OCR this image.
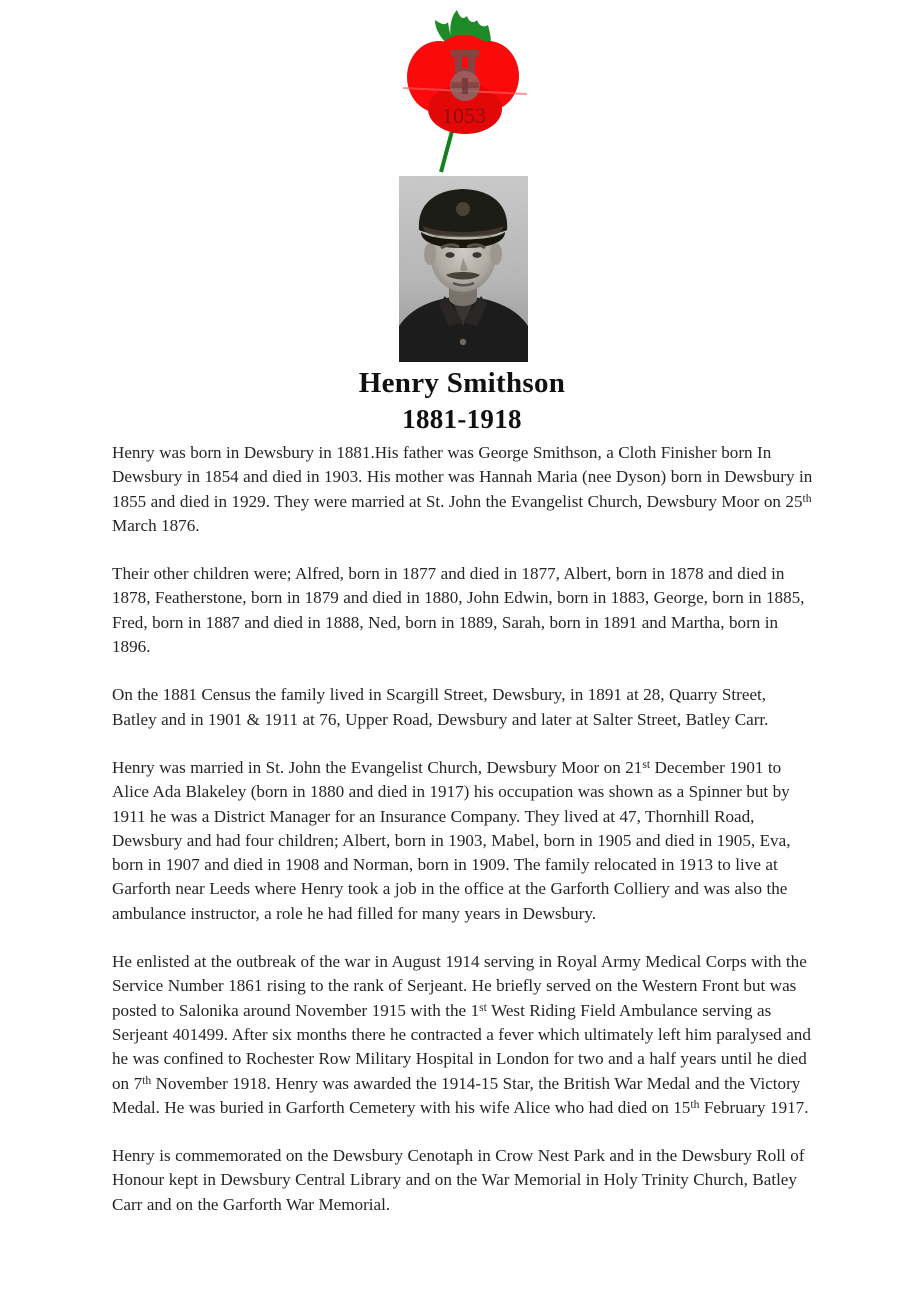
1053
Henry Smithson
1881-1918

Henry was born in Dewsbury in 1881.His father was George Smithson, a Cloth Finisher born In Dewsbury in 1854 and died in 1903. His mother was Hannah Maria (nee Dyson) born in Dewsbury in 1855 and died in 1929. They were married at St. John the Evangelist Church, Dewsbury Moor on 25th March 1876.

Their other children were; Alfred, born in 1877 and died in 1877, Albert, born in 1878 and died in 1878, Featherstone, born in 1879 and died in 1880, John Edwin, born in 1883, George, born in 1885, Fred, born in 1887 and died in 1888, Ned, born in 1889, Sarah, born in 1891 and Martha, born in 1896.

On the 1881 Census the family lived in Scargill Street, Dewsbury, in 1891 at 28, Quarry Street, Batley and in 1901 & 1911 at 76, Upper Road, Dewsbury and later at Salter Street, Batley Carr.

Henry was married in St. John the Evangelist Church, Dewsbury Moor on 21st December 1901 to Alice Ada Blakeley (born in 1880 and died in 1917) his occupation was shown as a Spinner but by 1911 he was a District Manager for an Insurance Company. They lived at 47, Thornhill Road, Dewsbury and had four children; Albert, born in 1903, Mabel, born in 1905 and died in 1905, Eva, born in 1907 and died in 1908 and Norman, born in 1909. The family relocated in 1913 to live at Garforth near Leeds where Henry took a job in the office at the Garforth Colliery and was also the ambulance instructor, a role he had filled for many years in Dewsbury.

He enlisted at the outbreak of the war in August 1914 serving in Royal Army Medical Corps with the Service Number 1861 rising to the rank of Serjeant. He briefly served on the Western Front but was posted to Salonika around November 1915 with the 1st West Riding Field Ambulance serving as Serjeant 401499. After six months there he contracted a fever which ultimately left him paralysed and he was confined to Rochester Row Military Hospital in London for two and a half years until he died on 7th November 1918. Henry was awarded the 1914-15 Star, the British War Medal and the Victory Medal. He was buried in Garforth Cemetery with his wife Alice who had died on 15th February 1917.

Henry is commemorated on the Dewsbury Cenotaph in Crow Nest Park and in the Dewsbury Roll of Honour kept in Dewsbury Central Library and on the War Memorial in Holy Trinity Church, Batley Carr and on the Garforth War Memorial.
